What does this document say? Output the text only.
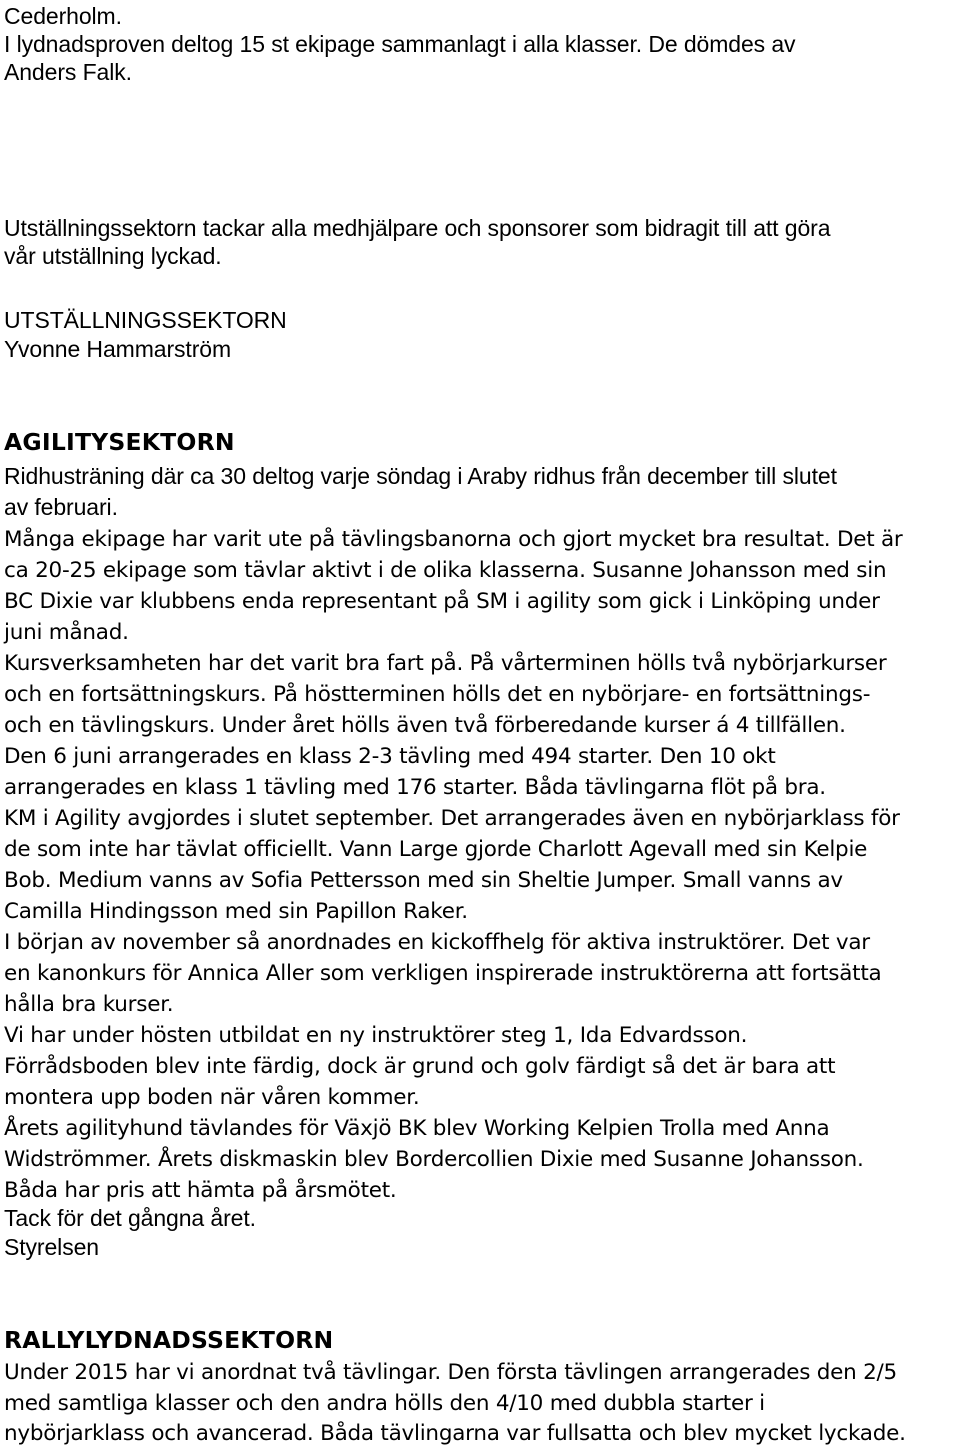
Cederholm.
I lydnadsproven deltog 15 st ekipage sammanlagt i alla klasser. De dömdes av
Anders Falk.
Utställningssektorn tackar alla medhjälpare och sponsorer som bidragit till att göra
vår utställning lyckad.
UTSTÄLLNINGSSEKTORN
Yvonne Hammarström
AGILITYSEKTORN
Ridhusträning där ca 30 deltog varje söndag i Araby ridhus från december till slutet
av februari.
Många ekipage har varit ute på tävlingsbanorna och gjort mycket bra resultat. Det är
ca 20-25 ekipage som tävlar aktivt i de olika klasserna. Susanne Johansson med sin
BC Dixie var klubbens enda representant på SM i agility som gick i Linköping under
juni månad.
Kursverksamheten har det varit bra fart på. På vårterminen hölls två nybörjarkurser
och en fortsättningskurs. På höstterminen hölls det en nybörjare- en fortsättnings-
och en tävlingskurs. Under året hölls även två förberedande kurser á 4 tillfällen.
Den 6 juni arrangerades en klass 2-3 tävling med 494 starter. Den 10 okt
arrangerades en klass 1 tävling med 176 starter. Båda tävlingarna flöt på bra.
KM i Agility avgjordes i slutet september. Det arrangerades även en nybörjarklass för
de som inte har tävlat officiellt. Vann Large gjorde Charlott Agevall med sin Kelpie
Bob. Medium vanns av Sofia Pettersson med sin Sheltie Jumper. Small vanns av
Camilla Hindingsson med sin Papillon Raker.
I början av november så anordnades en kickoffhelg för aktiva instruktörer. Det var
en kanonkurs för Annica Aller som verkligen inspirerade instruktörerna att fortsätta
hålla bra kurser.
Vi har under hösten utbildat en ny instruktörer steg 1, Ida Edvardsson.
Förrådsboden blev inte färdig, dock är grund och golv färdigt så det är bara att
montera upp boden när våren kommer.
Årets agilityhund tävlandes för Växjö BK blev Working Kelpien Trolla med Anna
Widströmmer. Årets diskmaskin blev Bordercollien Dixie med Susanne Johansson.
Båda har pris att hämta på årsmötet.
Tack för det gångna året.
Styrelsen
RALLYLYDNADSSEKTORN
Under 2015 har vi anordnat två tävlingar. Den första tävlingen arrangerades den 2/5
med samtliga klasser och den andra hölls den 4/10 med dubbla starter i
nybörjarklass och avancerad. Båda tävlingarna var fullsatta och blev mycket lyckade.
